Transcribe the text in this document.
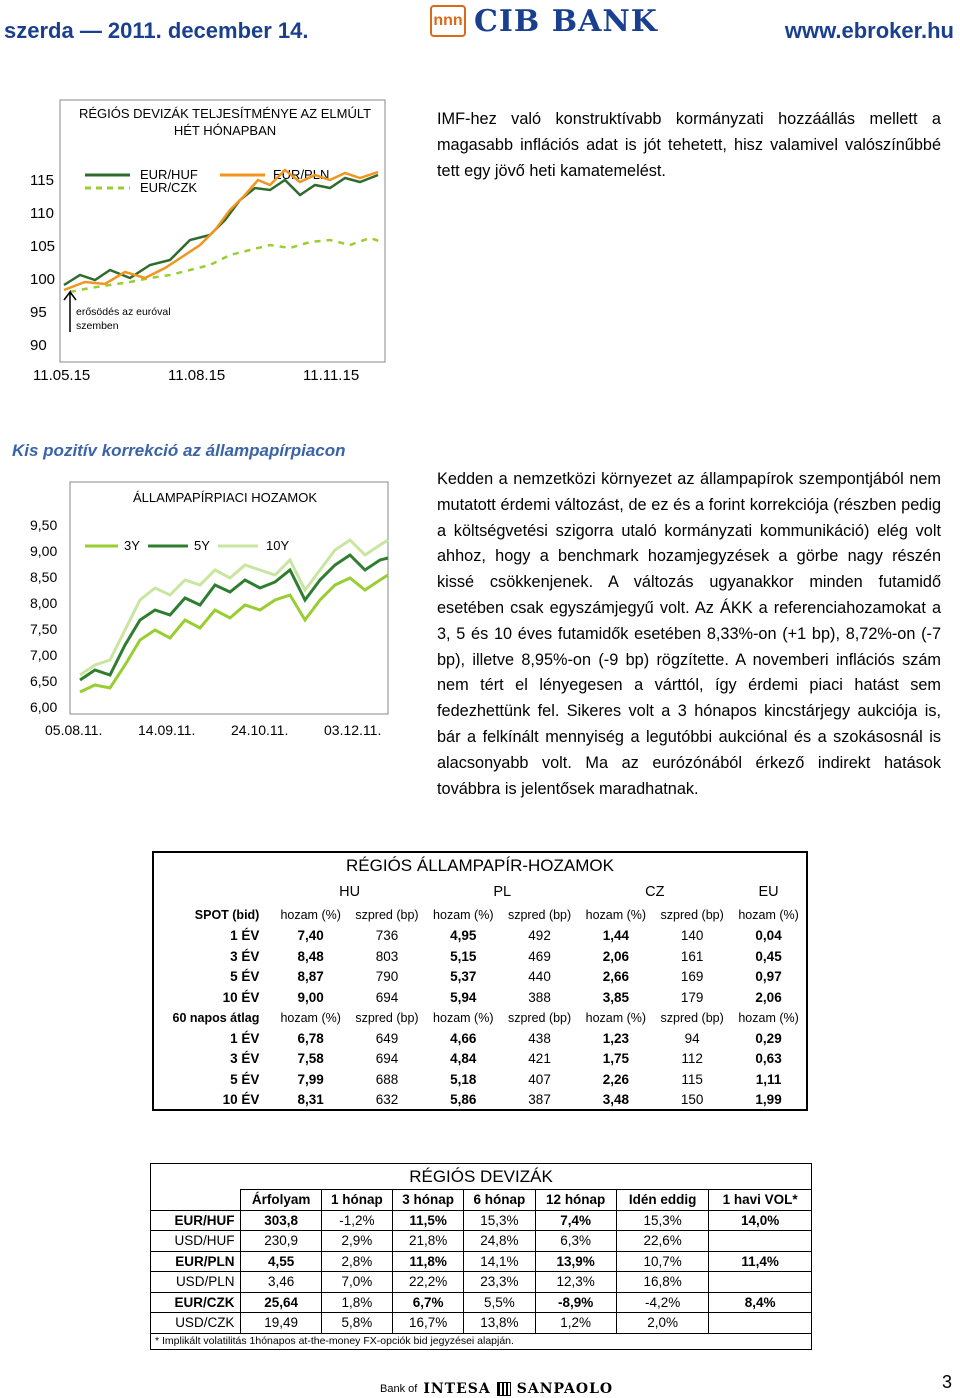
szerda — 2011. december 14.	nnn CIB BANK	www.ebroker.hu
RÉGIÓS DEVIZÁK TELJESÍTMÉNYE AZ ELMÚLT HÉT HÓNAPBAN
115
110
105
100
95
90
11.05.15	11.08.15	11.11.15
EUR/HUF
EUR/CZK
EUR/PLN
erősödés az euróval szemben
IMF-hez való konstruktívabb kormányzati hozzáállás mellett a magasabb inflációs adat is jót tehetett, hisz valamivel valószínűbbé tett egy jövő heti kamatemelést.
Kis pozitív korrekció az állampapírpiacon
ÁLLAMPAPÍRPIACI HOZAMOK
9,50
9,00
8,50
8,00
7,50
7,00
6,50
6,00
05.08.11.	14.09.11.	24.10.11.	03.12.11.
3Y	5Y	10Y
Kedden a nemzetközi környezet az állampapírok szempontjából nem mutatott érdemi változást, de ez és a forint korrekciója (részben pedig a költségvetési szigorra utaló kormányzati kommunikáció) elég volt ahhoz, hogy a benchmark hozamjegyzések a görbe nagy részén kissé csökkenjenek. A változás ugyanakkor minden futamidő esetében csak egyszámjegyű volt. Az ÁKK a referenciahozamokat a 3, 5 és 10 éves futamidők esetében 8,33%-on (+1 bp), 8,72%-on (-7 bp), illetve 8,95%-on (-9 bp) rögzítette. A novemberi inflációs szám nem tért el lényegesen a várttól, így érdemi piaci hatást sem fedezhettünk fel. Sikeres volt a 3 hónapos kincstárjegy aukciója is, bár a felkínált mennyiség a legutóbbi aukciónal és a szokásosnál is alacsonyabb volt. Ma az eurózónából érkező indirekt hatások továbbra is jelentősek maradhatnak.
RÉGIÓS ÁLLAMPAPÍR-HOZAMOK							
	HU		PL		CZ		EU
SPOT (bid)	hozam (%)	szpred (bp)	hozam (%)	szpred (bp)	hozam (%)	szpred (bp)	hozam (%)
1 ÉV	7,40	736	4,95	492	1,44	140	0,04
3 ÉV	8,48	803	5,15	469	2,06	161	0,45
5 ÉV	8,87	790	5,37	440	2,66	169	0,97
10 ÉV	9,00	694	5,94	388	3,85	179	2,06
60 napos átlag	hozam (%)	szpred (bp)	hozam (%)	szpred (bp)	hozam (%)	szpred (bp)	hozam (%)
1 ÉV	6,78	649	4,66	438	1,23	94	0,29
3 ÉV	7,58	694	4,84	421	1,75	112	0,63
5 ÉV	7,99	688	5,18	407	2,26	115	1,11
10 ÉV	8,31	632	5,86	387	3,48	150	1,99
RÉGIÓS DEVIZÁK							
	Árfolyam	1 hónap	3 hónap	6 hónap	12 hónap	Idén eddig	1 havi VOL*
EUR/HUF	303,8	-1,2%	11,5%	15,3%	7,4%	15,3%	14,0%
USD/HUF	230,9	2,9%	21,8%	24,8%	6,3%	22,6%	
EUR/PLN	4,55	2,8%	11,8%	14,1%	13,9%	10,7%	11,4%
USD/PLN	3,46	7,0%	22,2%	23,3%	12,3%	16,8%	
EUR/CZK	25,64	1,8%	6,7%	5,5%	-8,9%	-4,2%	8,4%
USD/CZK	19,49	5,8%	16,7%	13,8%	1,2%	2,0%	
* Implikált volatilitás 1hónapos at-the-money FX-opciók bid jegyzései alapján.							
Bank of INTESA SANPAOLO	3
